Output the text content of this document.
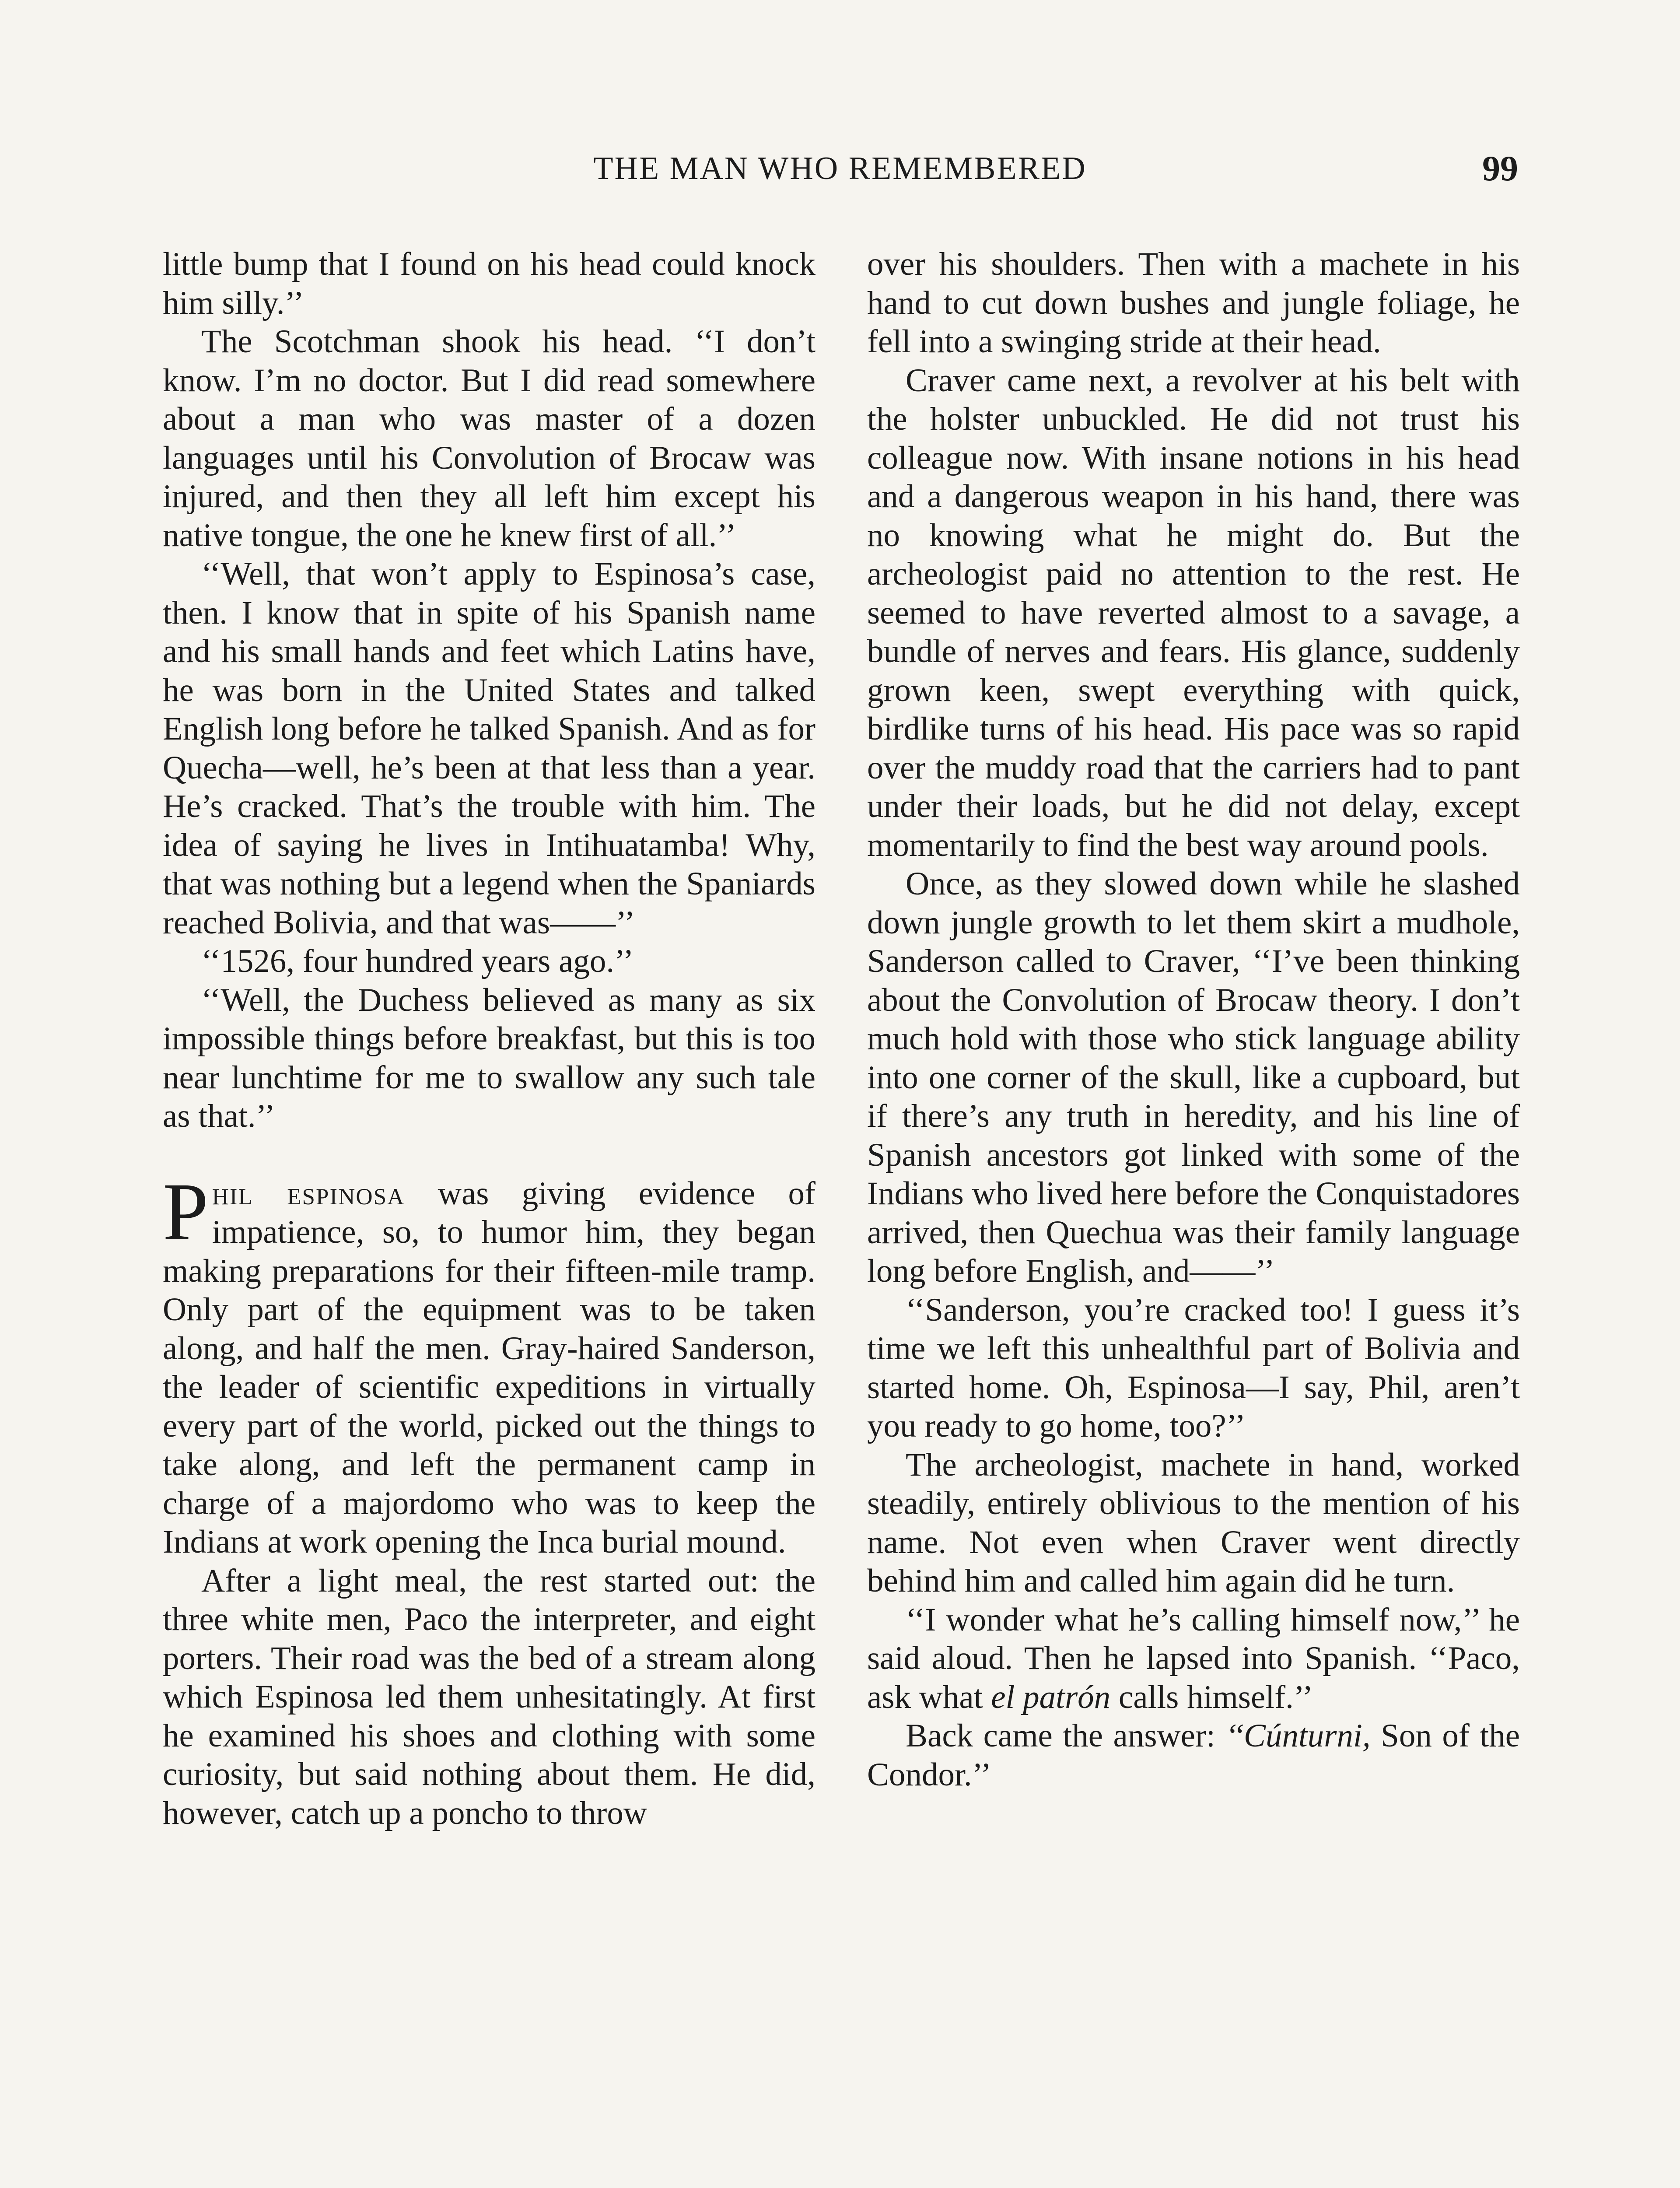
THE MAN WHO REMEMBERED	99

little bump that I found on his head could knock him silly.’’

The Scotchman shook his head. ‘‘I don’t know. I’m no doctor. But I did read somewhere about a man who was master of a dozen languages until his Convolution of Brocaw was injured, and then they all left him except his native tongue, the one he knew first of all.’’

‘‘Well, that won’t apply to Espinosa’s case, then. I know that in spite of his Spanish name and his small hands and feet which Latins have, he was born in the United States and talked English long before he talked Spanish. And as for Quecha—well, he’s been at that less than a year. He’s cracked. That’s the trouble with him. The idea of saying he lives in Intihuatamba! Why, that was nothing but a legend when the Spaniards reached Bolivia, and that was——’’

‘‘1526, four hundred years ago.’’

‘‘Well, the Duchess believed as many as six impossible things before breakfast, but this is too near lunchtime for me to swallow any such tale as that.’’

Phil espinosa was giving evidence of impatience, so, to humor him, they began making preparations for their fifteen-mile tramp. Only part of the equipment was to be taken along, and half the men. Gray-haired Sanderson, the leader of scientific expeditions in virtually every part of the world, picked out the things to take along, and left the permanent camp in charge of a majordomo who was to keep the Indians at work opening the Inca burial mound.

After a light meal, the rest started out: the three white men, Paco the interpreter, and eight porters. Their road was the bed of a stream along which Espinosa led them unhesitatingly. At first he examined his shoes and clothing with some curiosity, but said nothing about them. He did, however, catch up a poncho to throw

over his shoulders. Then with a machete in his hand to cut down bushes and jungle foliage, he fell into a swinging stride at their head.

Craver came next, a revolver at his belt with the holster unbuckled. He did not trust his colleague now. With insane notions in his head and a dangerous weapon in his hand, there was no knowing what he might do. But the archeologist paid no attention to the rest. He seemed to have reverted almost to a savage, a bundle of nerves and fears. His glance, suddenly grown keen, swept everything with quick, birdlike turns of his head. His pace was so rapid over the muddy road that the carriers had to pant under their loads, but he did not delay, except momentarily to find the best way around pools.

Once, as they slowed down while he slashed down jungle growth to let them skirt a mudhole, Sanderson called to Craver, ‘‘I’ve been thinking about the Convolution of Brocaw theory. I don’t much hold with those who stick language ability into one corner of the skull, like a cupboard, but if there’s any truth in heredity, and his line of Spanish ancestors got linked with some of the Indians who lived here before the Conquistadores arrived, then Quechua was their family language long before English, and——’’

‘‘Sanderson, you’re cracked too! I guess it’s time we left this unhealthful part of Bolivia and started home. Oh, Espinosa—I say, Phil, aren’t you ready to go home, too?’’

The archeologist, machete in hand, worked steadily, entirely oblivious to the mention of his name. Not even when Craver went directly behind him and called him again did he turn.

‘‘I wonder what he’s calling himself now,’’ he said aloud. Then he lapsed into Spanish. ‘‘Paco, ask what el patrón calls himself.’’

Back came the answer: ‘‘Cúnturni, Son of the Condor.’’
